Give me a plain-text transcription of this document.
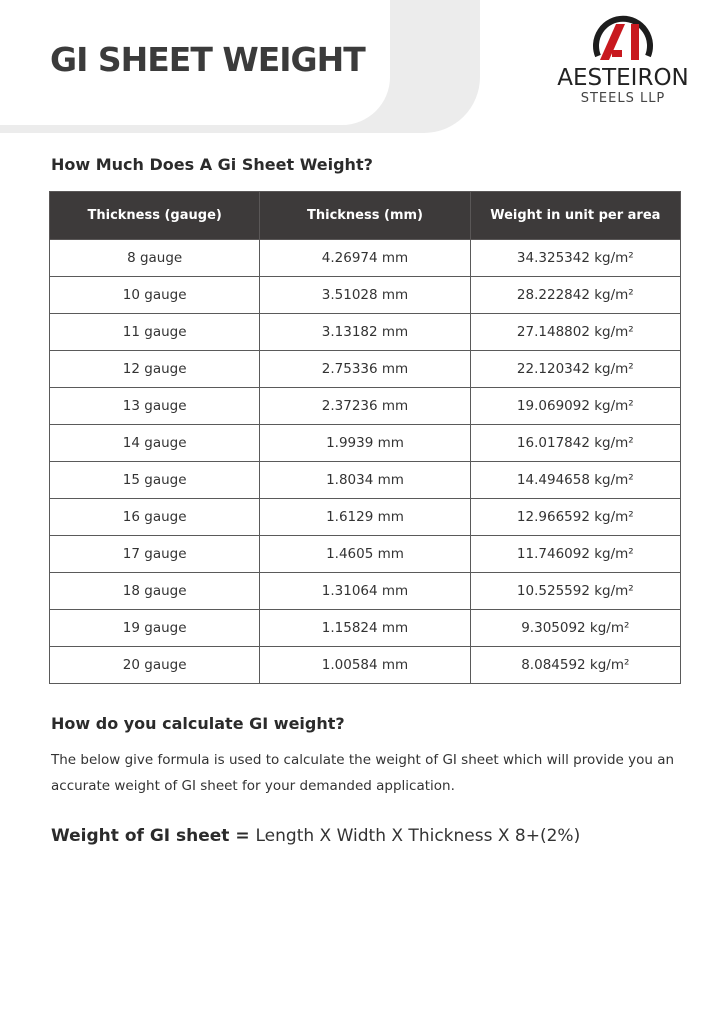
GI SHEET WEIGHT	AESTEIRON
STEELS LLP
How Much Does A Gi Sheet Weight?
Thickness (gauge)	Thickness (mm)	Weight in unit per area
8 gauge	4.26974 mm	34.325342 kg/m²
10 gauge	3.51028 mm	28.222842 kg/m²
11 gauge	3.13182 mm	27.148802 kg/m²
12 gauge	2.75336 mm	22.120342 kg/m²
13 gauge	2.37236 mm	19.069092 kg/m²
14 gauge	1.9939 mm	16.017842 kg/m²
15 gauge	1.8034 mm	14.494658 kg/m²
16 gauge	1.6129 mm	12.966592 kg/m²
17 gauge	1.4605 mm	11.746092 kg/m²
18 gauge	1.31064 mm	10.525592 kg/m²
19 gauge	1.15824 mm	9.305092 kg/m²
20 gauge	1.00584 mm	8.084592 kg/m²
How do you calculate GI weight?

The below give formula is used to calculate the weight of GI sheet which will provide you an accurate weight of GI sheet for your demanded application.

Weight of GI sheet = Length X Width X Thickness X 8+(2%)
